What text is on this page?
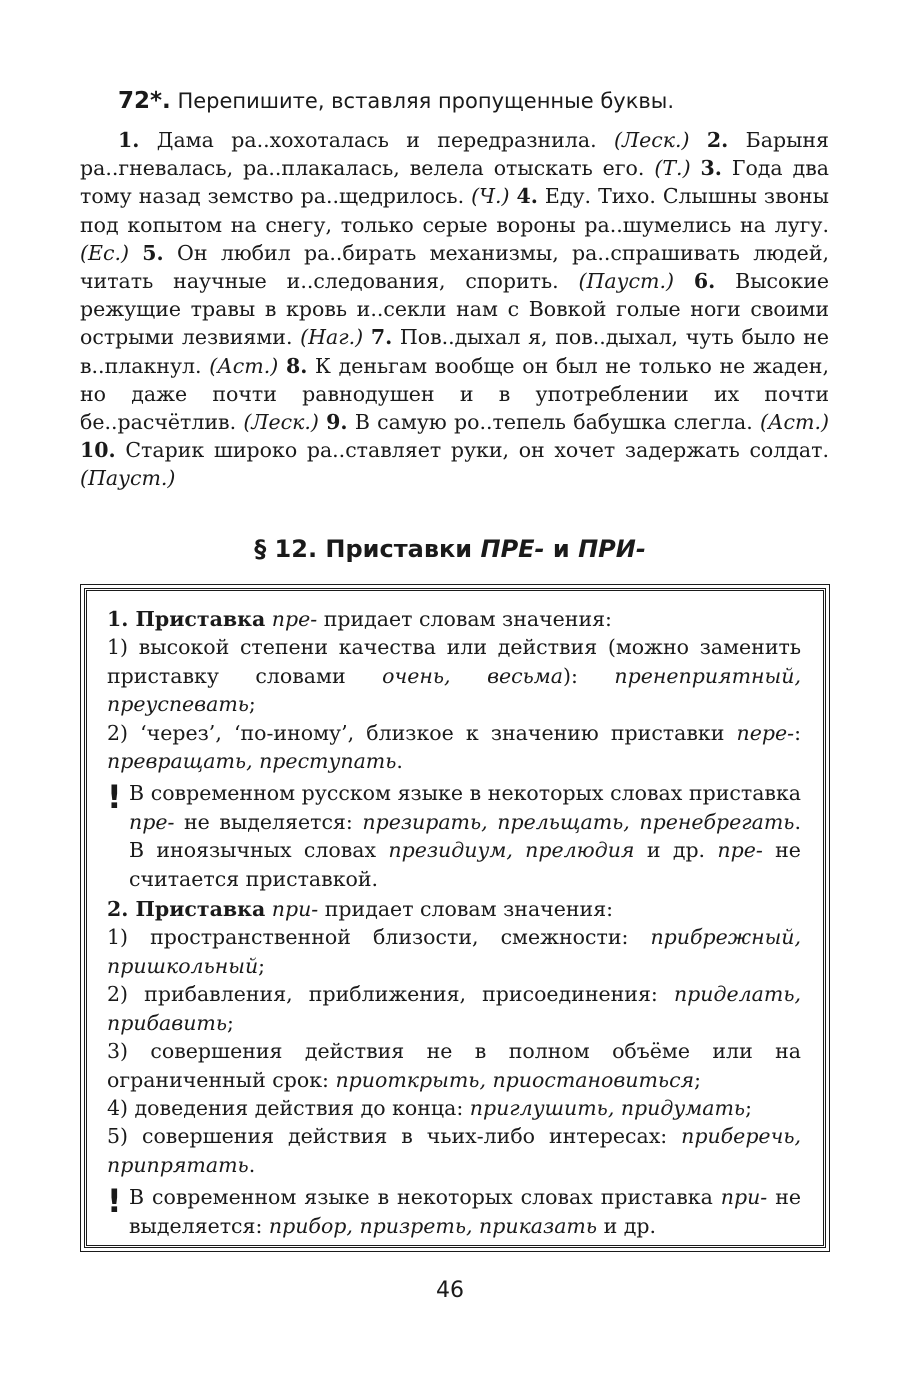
72*. Перепишите, вставляя пропущенные буквы.
1. Дама ра..хохоталась и передразнила. (Леск.) 2. Барыня ра..гневалась, ра..плакалась, велела отыскать его. (Т.) 3. Года два тому назад земство ра..щедрилось. (Ч.) 4. Еду. Тихо. Слышны звоны под копытом на снегу, только серые вороны ра..шумелись на лугу. (Ес.) 5. Он любил ра..бирать механизмы, ра..спрашивать людей, читать научные и..следования, спорить. (Пауст.) 6. Высокие режущие травы в кровь и..секли нам с Вовкой голые ноги своими острыми лезвиями. (Наг.) 7. Пов..дыхал я, пов..дыхал, чуть было не в..плакнул. (Аст.) 8. К деньгам вообще он был не только не жаден, но даже почти равнодушен и в употреблении их почти бе..расчётлив. (Леск.) 9. В самую ро..тепель бабушка слегла. (Аст.) 10. Старик широко ра..ставляет руки, он хочет задержать солдат. (Пауст.)
§ 12. Приставки ПРЕ- и ПРИ-

1. Приставка пре- придает словам значения:

1) высокой степени качества или действия (можно заменить приставку словами очень, весьма): пренеприятный, преуспевать;

2) ‘через’, ‘по-иному’, близкое к значению приставки пере-: превращать, преступать.

! В современном русском языке в некоторых словах приставка пре- не выделяется: презирать, прельщать, пренебрегать. В иноязычных словах президиум, прелюдия и др. пре- не считается приставкой.

2. Приставка при- придает словам значения:

1) пространственной близости, смежности: прибрежный, пришкольный;

2) прибавления, приближения, присоединения: приделать, прибавить;

3) совершения действия не в полном объёме или на ограниченный срок: приоткрыть, приостановиться;

4) доведения действия до конца: приглушить, придумать;

5) совершения действия в чьих-либо интересах: приберечь, припрятать.

! В современном языке в некоторых словах приставка при- не выделяется: прибор, призреть, приказать и др.

46
